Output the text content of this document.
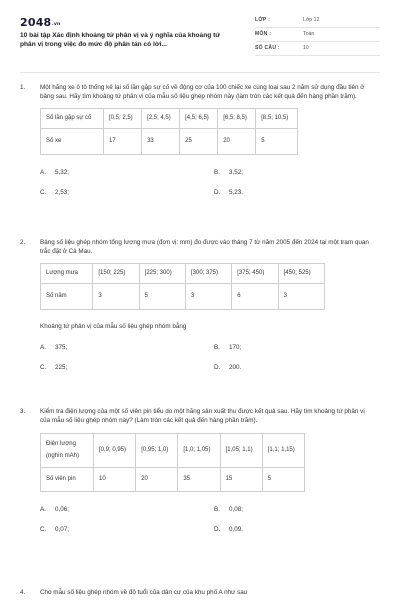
2048.vn
10 bài tập Xác định khoảng tứ phân vị và ý nghĩa của khoảng tứ phân vị trong việc đo mức độ phân tán có lời...
LỚP :	Lớp 12
MÔN :	Toán
SỐ CÂU :	10
1. Một hãng xe ô tô thống kê lại số lần gặp sự cố về động cơ của 100 chiếc xe cùng loại sau 2 năm sử dụng đầu tiên ở bảng sau. Hãy tìm khoảng tứ phân vị của mẫu số liệu ghép nhóm này (làm tròn các kết quả đến hàng phần trăm).
Số lần gặp sự cố	[0,5; 2,5)	[2,5; 4,5)	[4,5; 6,5)	[6,5; 8,5)	[8,5; 10,5)
Số xe	17	33	25	20	5
A. 5,32;	B. 3,52;
C. 2,53;	D. 5,23.
2. Bảng số liệu ghép nhóm tổng lượng mưa (đơn vị: mm) đo được vào tháng 7 từ năm 2005 đến 2024 tại một trạm quan trắc đặt ở Cà Mau.
Lượng mưa	[150; 225)	[225; 300)	[300; 375)	[375; 450)	[450; 525)
Số năm	3	5	3	6	3
Khoảng tứ phân vị của mẫu số liệu ghép nhóm bằng
A. 375;	B. 170;
C. 225;	D. 200.
3. Kiểm tra điện lượng của một số viên pin tiểu do một hãng sản xuất thu được kết quả sau. Hãy tìm khoảng tứ phân vị của mẫu số liệu ghép nhóm này? (Làm tròn các kết quả đến hàng phần trăm).
Điện lượng (nghìn mAh)	[0,9; 0,95)	[0,95; 1,0)	[1,0; 1,05)	[1,05; 1,1)	[1,1; 1,15)
Số viên pin	10	20	35	15	5
A. 0,06;	B. 0,08;
C. 0,07;	D. 0,09.
4. Cho mẫu số liệu ghép nhóm về độ tuổi của dân cư của khu phố A như sau
